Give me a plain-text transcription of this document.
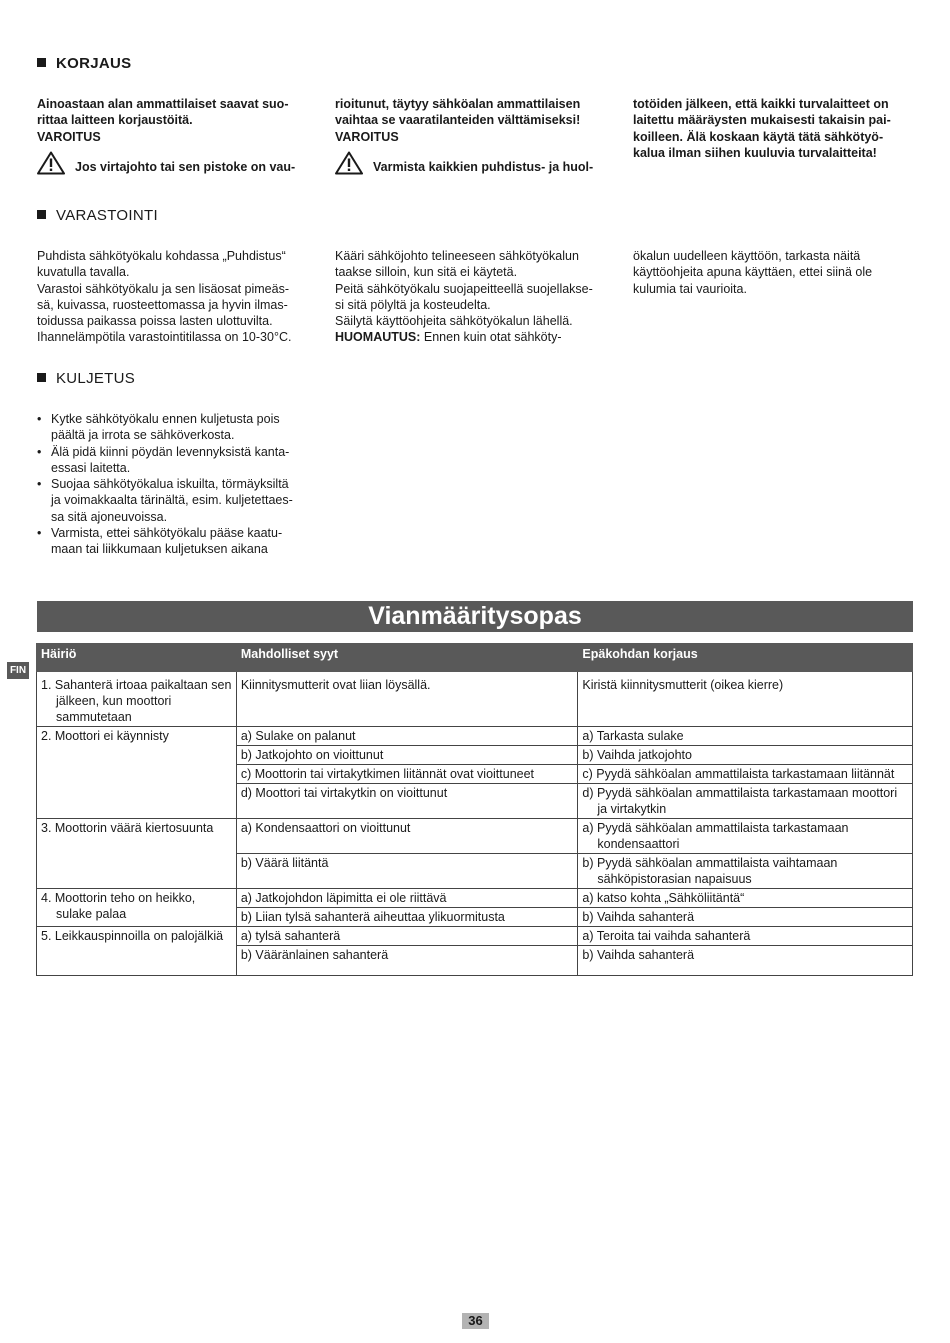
KORJAUS

Ainoastaan alan ammattilaiset saavat suo-
rittaa laitteen korjaustöitä.

VAROITUS

Jos virtajohto tai sen pistoke on vau-

rioitunut, täytyy sähköalan ammattilaisen
vaihtaa se vaaratilanteiden välttämiseksi!

VAROITUS

Varmista kaikkien puhdistus- ja huol-

totöiden jälkeen, että kaikki turvalaitteet on
laitettu määräysten mukaisesti takaisin pai-
koilleen. Älä koskaan käytä tätä sähkötyö-
kalua ilman siihen kuuluvia turvalaitteita!

VARASTOINTI

Puhdista sähkötyökalu kohdassa „Puhdistus“
kuvatulla tavalla.
Varastoi sähkötyökalu ja sen lisäosat pimeäs-
sä, kuivassa, ruosteettomassa ja hyvin ilmas-
toidussa paikassa poissa lasten ulottuvilta.
Ihannelämpötila varastointitilassa on 10-30°C.

Kääri sähköjohto telineeseen sähkötyökalun
taakse silloin, kun sitä ei käytetä.
Peitä sähkötyökalu suojapeitteellä suojellakse-
si sitä pölyltä ja kosteudelta.
Säilytä käyttöohjeita sähkötyökalun lähellä.

HUOMAUTUS: Ennen kuin otat sähköty-

ökalun uudelleen käyttöön, tarkasta näitä
käyttöohjeita apuna käyttäen, ettei siinä ole
kulumia tai vaurioita.

KULJETUS
• Kytke sähkötyökalu ennen kuljetusta pois
päältä ja irrota se sähköverkosta.
• Älä pidä kiinni pöydän levennyksistä kanta-
essasi laitetta.
• Suojaa sähkötyökalua iskuilta, törmäyksiltä
ja voimakkaalta tärinältä, esim. kuljetettaes-
sa sitä ajoneuvoissa.
• Varmista, ettei sähkötyökalu pääse kaatu-
maan tai liikkumaan kuljetuksen aikana
Vianmääritysopas
FIN
Häiriö	Mahdolliset syyt	Epäkohdan korjaus

1. Sahanterä irtoaa paikaltaan sen jälkeen, kun moottori sammutetaan	Kiinnitysmutterit ovat liian löysällä.	Kiristä kiinnitysmutterit (oikea kierre)

2. Moottori ei käynnisty	a) Sulake on palanut	a) Tarkasta sulake
	b) Jatkojohto on vioittunut	b) Vaihda jatkojohto
	c) Moottorin tai virtakytkimen liitännät ovat vioittuneet	c) Pyydä sähköalan ammattilaista tarkastamaan liitännät

	d) Moottori tai virtakytkin on vioittunut	d) Pyydä sähköalan ammattilaista tarkastamaan moottori ja virtakytkin

3. Moottorin väärä kiertosuunta	a) Kondensaattori on vioittunut	a) Pyydä sähköalan ammattilaista tarkastamaan kondensaattori

	b) Väärä liitäntä	b) Pyydä sähköalan ammattilaista vaihtamaan sähköpistorasian napaisuus

4. Moottorin teho on heikko, sulake palaa	a) Jatkojohdon läpimitta ei ole riittävä	a) katso kohta „Sähköliitäntä“
	b) Liian tylsä sahanterä aiheuttaa ylikuormitusta	b) Vaihda sahanterä

5. Leikkauspinnoilla on palojälkiä	a) tylsä sahanterä	a) Teroita tai vaihda sahanterä
	b) Vääränlainen sahanterä	b) Vaihda sahanterä
36
